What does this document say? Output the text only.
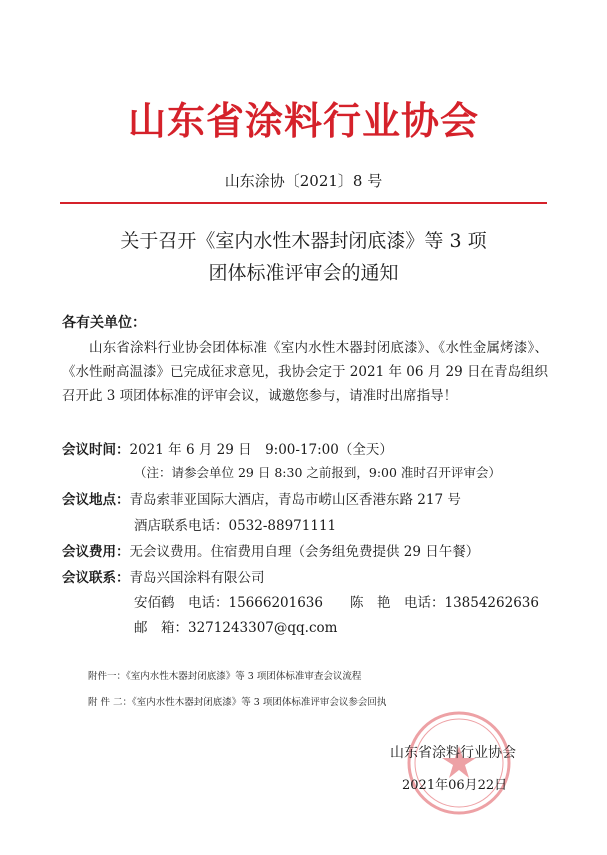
山东省涂料行业协会
山东涂协〔2021〕8 号
关于召开《室内水性木器封闭底漆》等 3 项
团体标准评审会的通知
各有关单位：
山东省涂料行业协会团体标准《室内水性木器封闭底漆》、《水性金属烤漆》、《水性耐高温漆》已完成征求意见，我协会定于 2021 年 06 月 29 日在青岛组织召开此 3 项团体标准的评审会议，诚邀您参与，请准时出席指导！
会议时间：2021 年 6 月 29 日　9:00-17:00（全天）
（注：请参会单位 29 日 8:30 之前报到，9:00 准时召开评审会）
会议地点：青岛索菲亚国际大酒店，青岛市崂山区香港东路 217 号
酒店联系电话：0532-88971111
会议费用：无会议费用。住宿费用自理（会务组免费提供 29 日午餐）
会议联系：青岛兴国涂料有限公司
安佰鹤　电话：15666201636　　陈　艳　电话：13854262636
邮　箱：3271243307@qq.com
附件一：《室内水性木器封闭底漆》等 3 项团体标准审查会议流程
附 件 二：《室内水性木器封闭底漆》等 3 项团体标准评审会议参会回执
山东省涂料行业协会
2021年06月22日
